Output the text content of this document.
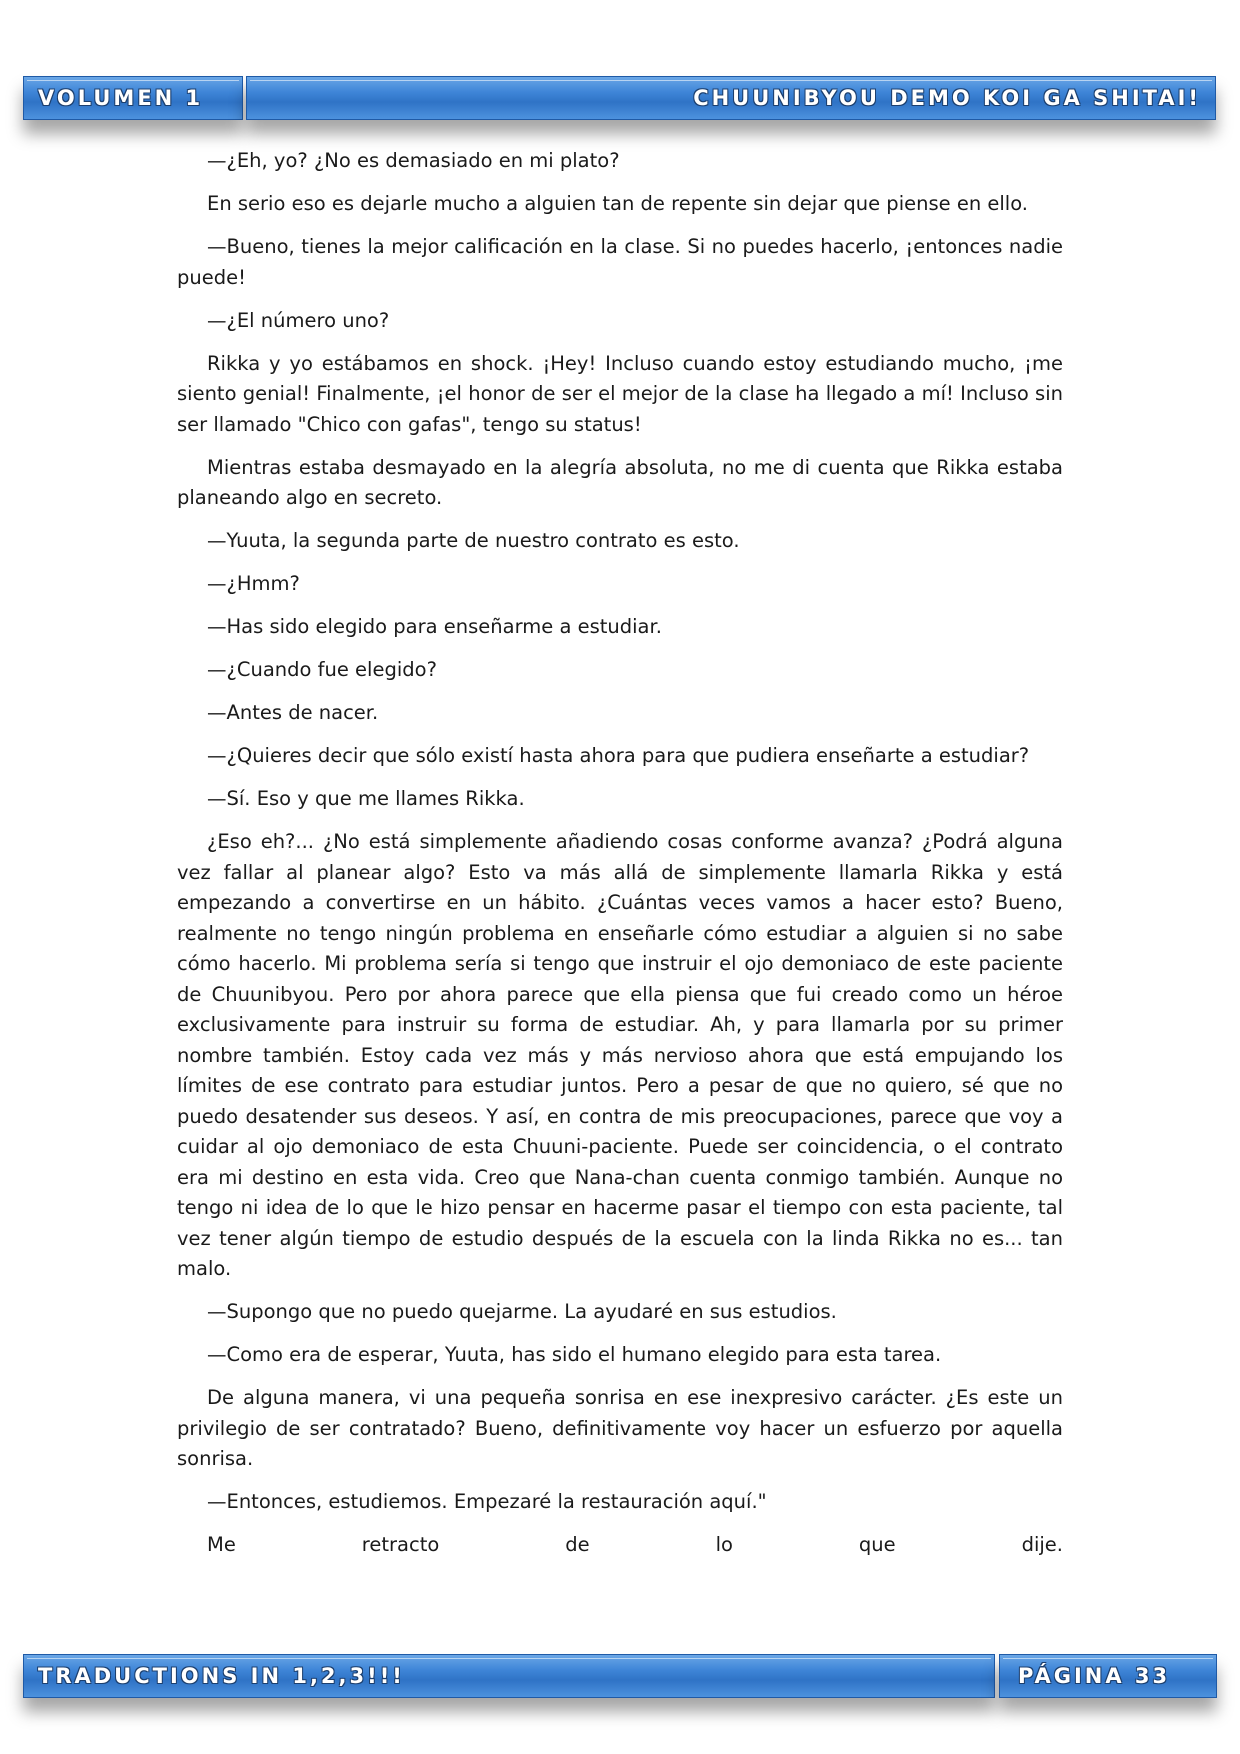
VOLUMEN 1	CHUUNIBYOU DEMO KOI GA SHITAI!

—¿Eh, yo? ¿No es demasiado en mi plato?

En serio eso es dejarle mucho a alguien tan de repente sin dejar que piense en ello.

—Bueno, tienes la mejor calificación en la clase. Si no puedes hacerlo, ¡entonces nadie puede!

—¿El número uno?

Rikka y yo estábamos en shock. ¡Hey! Incluso cuando estoy estudiando mucho, ¡me siento genial! Finalmente, ¡el honor de ser el mejor de la clase ha llegado a mí! Incluso sin ser llamado "Chico con gafas", tengo su status!

Mientras estaba desmayado en la alegría absoluta, no me di cuenta que Rikka estaba planeando algo en secreto.

—Yuuta, la segunda parte de nuestro contrato es esto.

—¿Hmm?

—Has sido elegido para enseñarme a estudiar.

—¿Cuando fue elegido?

—Antes de nacer.

—¿Quieres decir que sólo existí hasta ahora para que pudiera enseñarte a estudiar?

—Sí. Eso y que me llames Rikka.

¿Eso eh?... ¿No está simplemente añadiendo cosas conforme avanza? ¿Podrá alguna vez fallar al planear algo? Esto va más allá de simplemente llamarla Rikka y está empezando a convertirse en un hábito. ¿Cuántas veces vamos a hacer esto? Bueno, realmente no tengo ningún problema en enseñarle cómo estudiar a alguien si no sabe cómo hacerlo. Mi problema sería si tengo que instruir el ojo demoniaco de este paciente de Chuunibyou. Pero por ahora parece que ella piensa que fui creado como un héroe exclusivamente para instruir su forma de estudiar. Ah, y para llamarla por su primer nombre también. Estoy cada vez más y más nervioso ahora que está empujando los límites de ese contrato para estudiar juntos. Pero a pesar de que no quiero, sé que no puedo desatender sus deseos. Y así, en contra de mis preocupaciones, parece que voy a cuidar al ojo demoniaco de esta Chuuni-paciente. Puede ser coincidencia, o el contrato era mi destino en esta vida. Creo que Nana-chan cuenta conmigo también. Aunque no tengo ni idea de lo que le hizo pensar en hacerme pasar el tiempo con esta paciente, tal vez tener algún tiempo de estudio después de la escuela con la linda Rikka no es... tan malo.

—Supongo que no puedo quejarme. La ayudaré en sus estudios.

—Como era de esperar, Yuuta, has sido el humano elegido para esta tarea.

De alguna manera, vi una pequeña sonrisa en ese inexpresivo carácter. ¿Es este un privilegio de ser contratado? Bueno, definitivamente voy hacer un esfuerzo por aquella sonrisa.

—Entonces, estudiemos. Empezaré la restauración aquí."

Me retracto de lo que dije.

TRADUCTIONS IN 1,2,3!!!	PÁGINA 33
